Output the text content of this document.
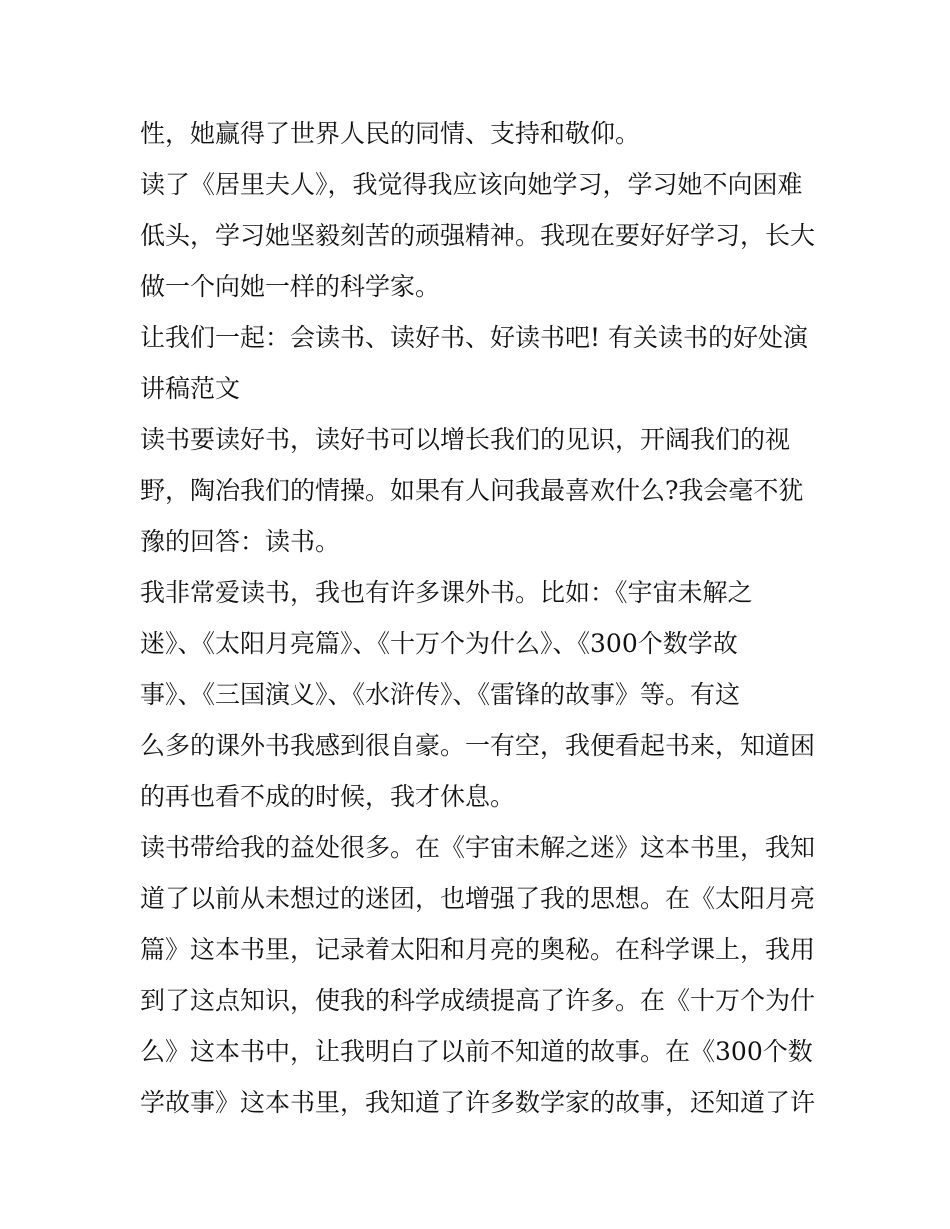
性，她赢得了世界人民的同情、支持和敬仰。
读了《居里夫人》，我觉得我应该向她学习，学习她不向困难
低头，学习她坚毅刻苦的顽强精神。我现在要好好学习，长大
做一个向她一样的科学家。
让我们一起：会读书、读好书、好读书吧! 有关读书的好处演
讲稿范文
读书要读好书，读好书可以增长我们的见识，开阔我们的视
野，陶冶我们的情操。如果有人问我最喜欢什么?我会毫不犹
豫的回答：读书。
我非常爱读书，我也有许多课外书。比如：《宇宙未解之
迷》、《太阳月亮篇》、《十万个为什么》、《300个数学故
事》、《三国演义》、《水浒传》、《雷锋的故事》等。有这
么多的课外书我感到很自豪。一有空，我便看起书来，知道困
的再也看不成的时候，我才休息。
读书带给我的益处很多。在《宇宙未解之迷》这本书里，我知
道了以前从未想过的迷团，也增强了我的思想。在《太阳月亮
篇》这本书里，记录着太阳和月亮的奥秘。在科学课上，我用
到了这点知识，使我的科学成绩提高了许多。在《十万个为什
么》这本书中，让我明白了以前不知道的故事。在《300个数
学故事》这本书里，我知道了许多数学家的故事，还知道了许
